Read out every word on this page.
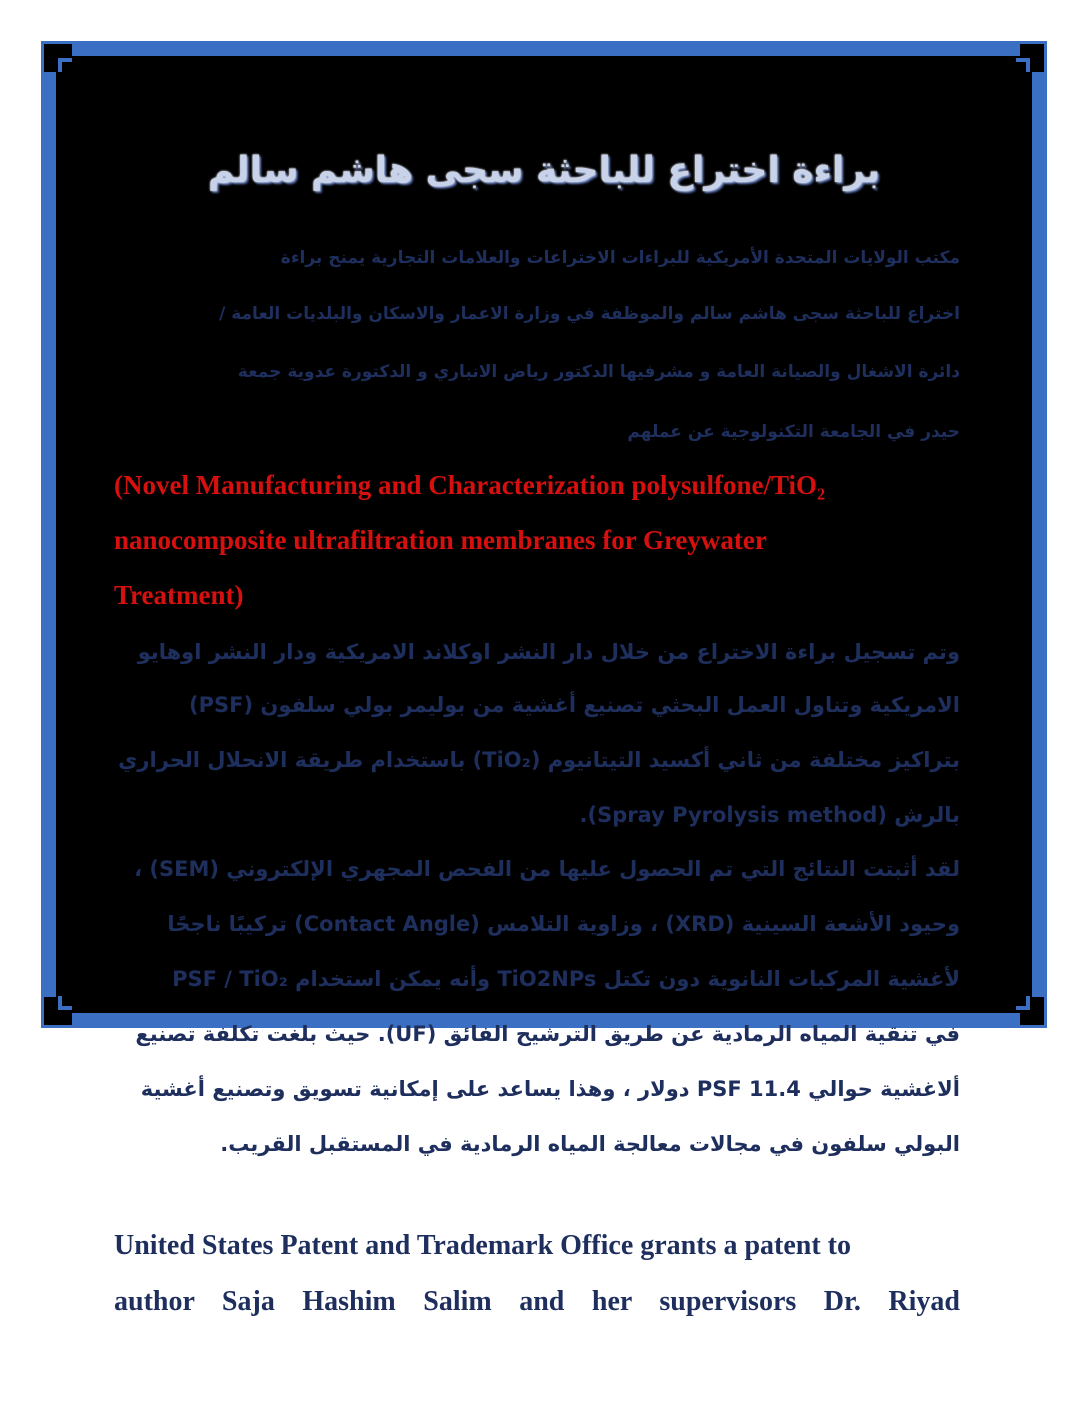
براءة اختراع للباحثة سجى هاشم سالم
مكتب الولايات المتحدة الأمريكية للبراءات الاختراعات والعلامات التجارية يمنح براءة
اختراع للباحثة سجى هاشم سالم والموظفة في وزارة الاعمار والاسكان والبلديات العامة /
دائرة الاشغال والصيانة العامة و مشرفيها الدكتور رياض الانباري و الدكتورة عدوية جمعة
حيدر في الجامعة التكنولوجية عن عملهم
(Novel Manufacturing and Characterization polysulfone/TiO₂
nanocomposite ultrafiltration membranes for Greywater
Treatment)
وتم تسجيل براءة الاختراع من خلال دار النشر اوكلاند الامريكية ودار النشر اوهايو
الامريكية وتناول العمل البحثي تصنيع أغشية من بوليمر بولي سلفون (PSF)
بتراكيز مختلفة من ثاني أكسيد التيتانيوم (TiO₂) باستخدام طريقة الانحلال الحراري
بالرش (Spray Pyrolysis method).
لقد أثبتت النتائج التي تم الحصول عليها من الفحص المجهري الإلكتروني (SEM) ،
وحيود الأشعة السينية (XRD) ، وزاوية التلامس (Contact Angle) تركيبًا ناجحًا
لأغشية المركبات النانوية دون تكتل TiO2NPs وأنه يمكن استخدام PSF / TiO₂
في تنقية المياه الرمادية عن طريق الترشيح الفائق (UF). حيث بلغت تكلفة تصنيع
ألاغشية حوالي PSF 11.4 دولار ، وهذا يساعد على إمكانية تسويق وتصنيع أغشية
البولي سلفون في مجالات معالجة المياه الرمادية في المستقبل القريب.
United States Patent and Trademark Office grants a patent to
author Saja Hashim Salim and her supervisors Dr. Riyad
